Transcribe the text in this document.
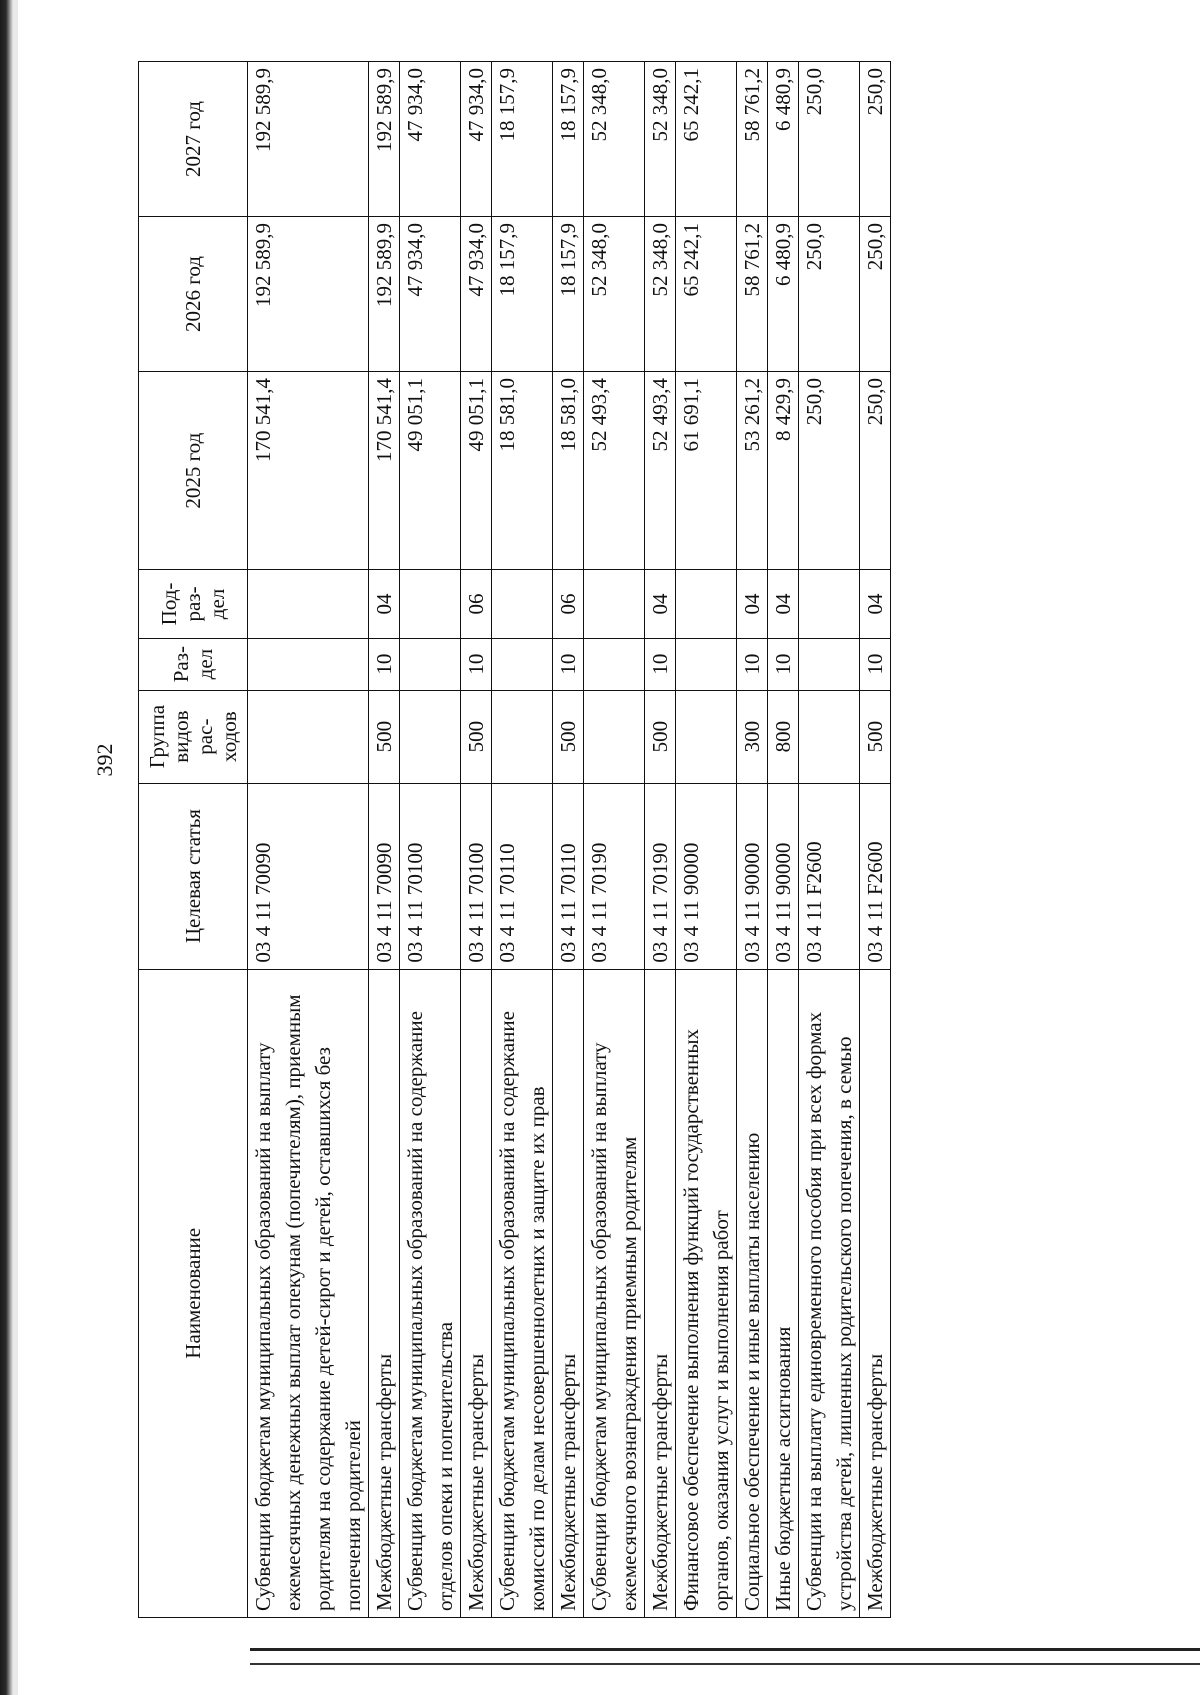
392
Наименование	Целевая статья	Группа видов рас-ходов	Раз-дел	Под-раз-дел	2025 год	2026 год	2027 год
Субвенции бюджетам муниципальных образований на выплату ежемесячных денежных выплат опекунам (попечителям), приемным родителям на содержание детей-сирот и детей, оставшихся без попечения родителей	03 4 11 70090				170 541,4	192 589,9	192 589,9
Межбюджетные трансферты	03 4 11 70090	500	10	04	170 541,4	192 589,9	192 589,9
Субвенции бюджетам муниципальных образований на содержание отделов опеки и попечительства	03 4 11 70100				49 051,1	47 934,0	47 934,0
Межбюджетные трансферты	03 4 11 70100	500	10	06	49 051,1	47 934,0	47 934,0
Субвенции бюджетам муниципальных образований на содержание комиссий по делам несовершеннолетних и защите их прав	03 4 11 70110				18 581,0	18 157,9	18 157,9
Межбюджетные трансферты	03 4 11 70110	500	10	06	18 581,0	18 157,9	18 157,9
Субвенции бюджетам муниципальных образований на выплату ежемесячного вознаграждения приемным родителям	03 4 11 70190				52 493,4	52 348,0	52 348,0
Межбюджетные трансферты	03 4 11 70190	500	10	04	52 493,4	52 348,0	52 348,0
Финансовое обеспечение выполнения функций государственных органов, оказания услуг и выполнения работ	03 4 11 90000				61 691,1	65 242,1	65 242,1
Социальное обеспечение и иные выплаты населению	03 4 11 90000	300	10	04	53 261,2	58 761,2	58 761,2
Иные бюджетные ассигнования	03 4 11 90000	800	10	04	8 429,9	6 480,9	6 480,9
Субвенции на выплату единовременного пособия при всех формах устройства детей, лишенных родительского попечения, в семью	03 4 11 F2600				250,0	250,0	250,0
Межбюджетные трансферты	03 4 11 F2600	500	10	04	250,0	250,0	250,0
